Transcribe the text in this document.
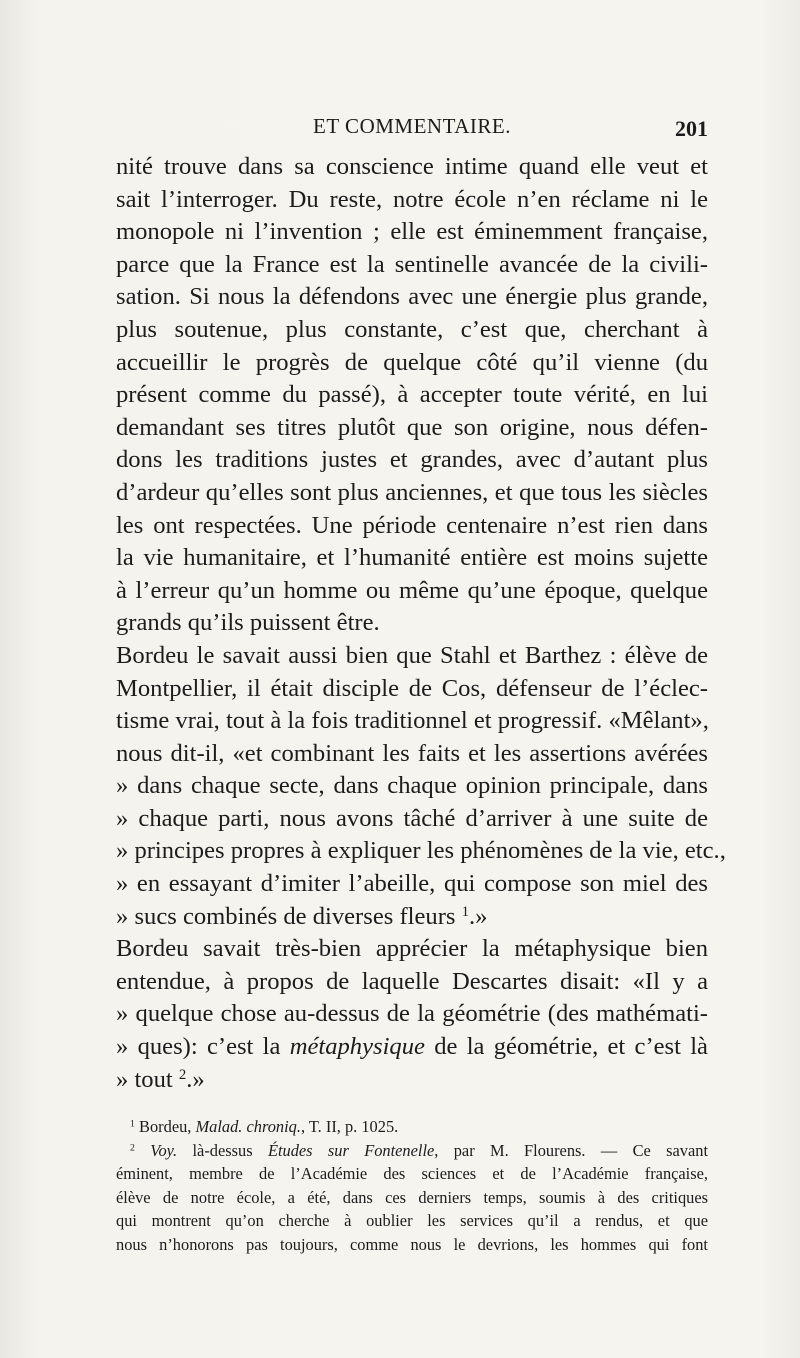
ET COMMENTAIRE.	201
nité trouve dans sa conscience intime quand elle veut et
sait l’interroger. Du reste, notre école n’en réclame ni le
monopole ni l’invention ; elle est éminemment française,
parce que la France est la sentinelle avancée de la civili-
sation. Si nous la défendons avec une énergie plus grande,
plus soutenue, plus constante, c’est que, cherchant à
accueillir le progrès de quelque côté qu’il vienne (du
présent comme du passé), à accepter toute vérité, en lui
demandant ses titres plutôt que son origine, nous défen-
dons les traditions justes et grandes, avec d’autant plus
d’ardeur qu’elles sont plus anciennes, et que tous les siècles
les ont respectées. Une période centenaire n’est rien dans
la vie humanitaire, et l’humanité entière est moins sujette
à l’erreur qu’un homme ou même qu’une époque, quelque
grands qu’ils puissent être.
Bordeu le savait aussi bien que Stahl et Barthez : élève de
Montpellier, il était disciple de Cos, défenseur de l’éclec-
tisme vrai, tout à la fois traditionnel et progressif. «Mêlant»,
nous dit-il, «et combinant les faits et les assertions avérées
» dans chaque secte, dans chaque opinion principale, dans
» chaque parti, nous avons tâché d’arriver à une suite de
» principes propres à expliquer les phénomènes de la vie, etc.,
» en essayant d’imiter l’abeille, qui compose son miel des
» sucs combinés de diverses fleurs $^1$.»
Bordeu savait très-bien apprécier la métaphysique bien
entendue, à propos de laquelle Descartes disait: «Il y a
» quelque chose au-dessus de la géométrie (des mathémati-
» ques): c’est la métaphysique de la géométrie, et c’est là
» tout $^2$.»
$^1$ Bordeu, Malad. chroniq., T. II, p. 1025.
$^2$ Voy. là-dessus Études sur Fontenelle, par M. Flourens. — Ce savant
éminent, membre de l’Académie des sciences et de l’Académie française,
élève de notre école, a été, dans ces derniers temps, soumis à des critiques
qui montrent qu’on cherche à oublier les services qu’il a rendus, et que
nous n’honorons pas toujours, comme nous le devrions, les hommes qui font
